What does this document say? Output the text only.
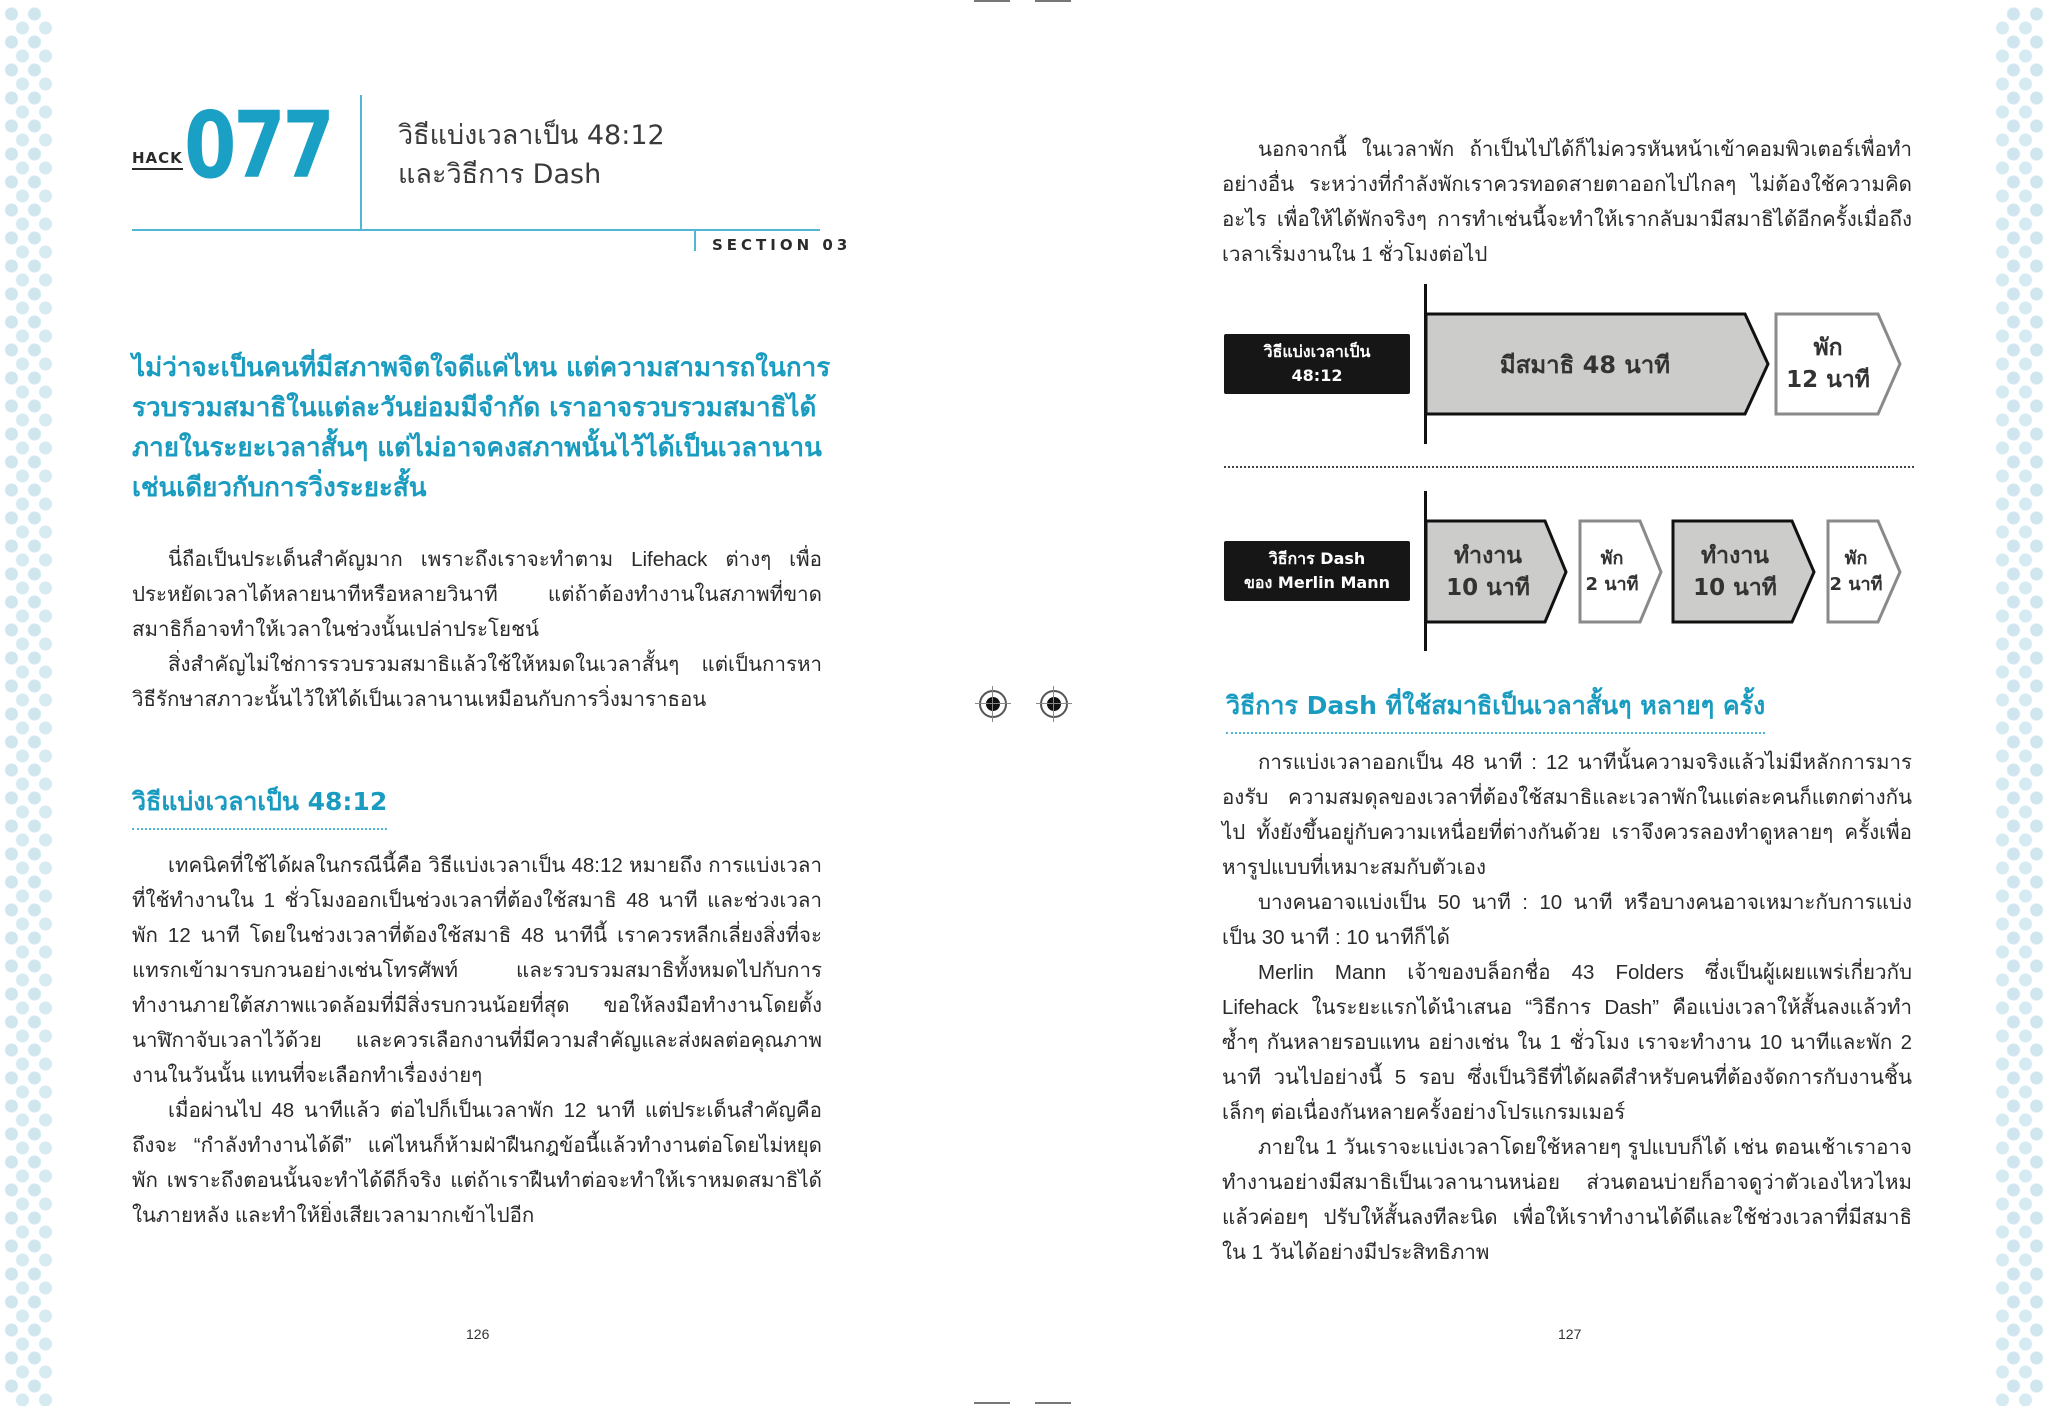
HACK 077 วิธีแบ่งเวลาเป็น 48:12
และวิธีการ Dash
SECTION 03
ไม่ว่าจะเป็นคนที่มีสภาพจิตใจดีแค่ไหน แต่ความสามารถในการรวบรวมสมาธิในแต่ละวันย่อมมีจำกัด เราอาจรวบรวมสมาธิได้ภายในระยะเวลาสั้นๆ แต่ไม่อาจคงสภาพนั้นไว้ได้เป็นเวลานาน เช่นเดียวกับการวิ่งระยะสั้น

นี่ถือเป็นประเด็นสำคัญมาก เพราะถึงเราจะทำตาม Lifehack ต่างๆ เพื่อประหยัดเวลาได้หลายนาทีหรือหลายวินาที แต่ถ้าต้องทำงานในสภาพที่ขาดสมาธิก็อาจทำให้เวลาในช่วงนั้นเปล่าประโยชน์

สิ่งสำคัญไม่ใช่การรวบรวมสมาธิแล้วใช้ให้หมดในเวลาสั้นๆ แต่เป็นการหาวิธีรักษาสภาวะนั้นไว้ให้ได้เป็นเวลานานเหมือนกับการวิ่งมาราธอน

วิธีแบ่งเวลาเป็น 48:12

เทคนิคที่ใช้ได้ผลในกรณีนี้คือ วิธีแบ่งเวลาเป็น 48:12 หมายถึง การแบ่งเวลาที่ใช้ทำงานใน 1 ชั่วโมงออกเป็นช่วงเวลาที่ต้องใช้สมาธิ 48 นาที และช่วงเวลาพัก 12 นาที โดยในช่วงเวลาที่ต้องใช้สมาธิ 48 นาทีนี้ เราควรหลีกเลี่ยงสิ่งที่จะแทรกเข้ามารบกวนอย่างเช่นโทรศัพท์ และรวบรวมสมาธิทั้งหมดไปกับการทำงานภายใต้สภาพแวดล้อมที่มีสิ่งรบกวนน้อยที่สุด ขอให้ลงมือทำงานโดยตั้งนาฬิกาจับเวลาไว้ด้วย และควรเลือกงานที่มีความสำคัญและส่งผลต่อคุณภาพงานในวันนั้น แทนที่จะเลือกทำเรื่องง่ายๆ

เมื่อผ่านไป 48 นาทีแล้ว ต่อไปก็เป็นเวลาพัก 12 นาที แต่ประเด็นสำคัญคือ ถึงจะ “กำลังทำงานได้ดี” แค่ไหนก็ห้ามฝ่าฝืนกฎข้อนี้แล้วทำงานต่อโดยไม่หยุดพัก เพราะถึงตอนนั้นจะทำได้ดีก็จริง แต่ถ้าเราฝืนทำต่อจะทำให้เราหมดสมาธิได้ในภายหลัง และทำให้ยิ่งเสียเวลามากเข้าไปอีก

126

นอกจากนี้ ในเวลาพัก ถ้าเป็นไปได้ก็ไม่ควรหันหน้าเข้าคอมพิวเตอร์เพื่อทำอย่างอื่น ระหว่างที่กำลังพักเราควรทอดสายตาออกไปไกลๆ ไม่ต้องใช้ความคิดอะไร เพื่อให้ได้พักจริงๆ การทำเช่นนี้จะทำให้เรากลับมามีสมาธิได้อีกครั้งเมื่อถึงเวลาเริ่มงานใน 1 ชั่วโมงต่อไป

วิธีแบ่งเวลาเป็น
48:12	มีสมาธิ 48 นาที
พัก
12 นาที
วิธีการ Dash
ของ Merlin Mann
ทำงาน
10 นาที
พัก
2 นาที
ทำงาน
10 นาที
พัก
2 นาที
วิธีการ Dash ที่ใช้สมาธิเป็นเวลาสั้นๆ หลายๆ ครั้ง

การแบ่งเวลาออกเป็น 48 นาที : 12 นาทีนั้นความจริงแล้วไม่มีหลักการมารองรับ ความสมดุลของเวลาที่ต้องใช้สมาธิและเวลาพักในแต่ละคนก็แตกต่างกันไป ทั้งยังขึ้นอยู่กับความเหนื่อยที่ต่างกันด้วย เราจึงควรลองทำดูหลายๆ ครั้งเพื่อหารูปแบบที่เหมาะสมกับตัวเอง

บางคนอาจแบ่งเป็น 50 นาที : 10 นาที หรือบางคนอาจเหมาะกับการแบ่งเป็น 30 นาที : 10 นาทีก็ได้

Merlin Mann เจ้าของบล็อกชื่อ 43 Folders ซึ่งเป็นผู้เผยแพร่เกี่ยวกับ Lifehack ในระยะแรกได้นำเสนอ “วิธีการ Dash” คือแบ่งเวลาให้สั้นลงแล้วทำซ้ำๆ กันหลายรอบแทน อย่างเช่น ใน 1 ชั่วโมง เราจะทำงาน 10 นาทีและพัก 2 นาที วนไปอย่างนี้ 5 รอบ ซึ่งเป็นวิธีที่ได้ผลดีสำหรับคนที่ต้องจัดการกับงานชิ้นเล็กๆ ต่อเนื่องกันหลายครั้งอย่างโปรแกรมเมอร์

ภายใน 1 วันเราจะแบ่งเวลาโดยใช้หลายๆ รูปแบบก็ได้ เช่น ตอนเช้าเราอาจทำงานอย่างมีสมาธิเป็นเวลานานหน่อย ส่วนตอนบ่ายก็อาจดูว่าตัวเองไหวไหม แล้วค่อยๆ ปรับให้สั้นลงทีละนิด เพื่อให้เราทำงานได้ดีและใช้ช่วงเวลาที่มีสมาธิใน 1 วันได้อย่างมีประสิทธิภาพ

127
